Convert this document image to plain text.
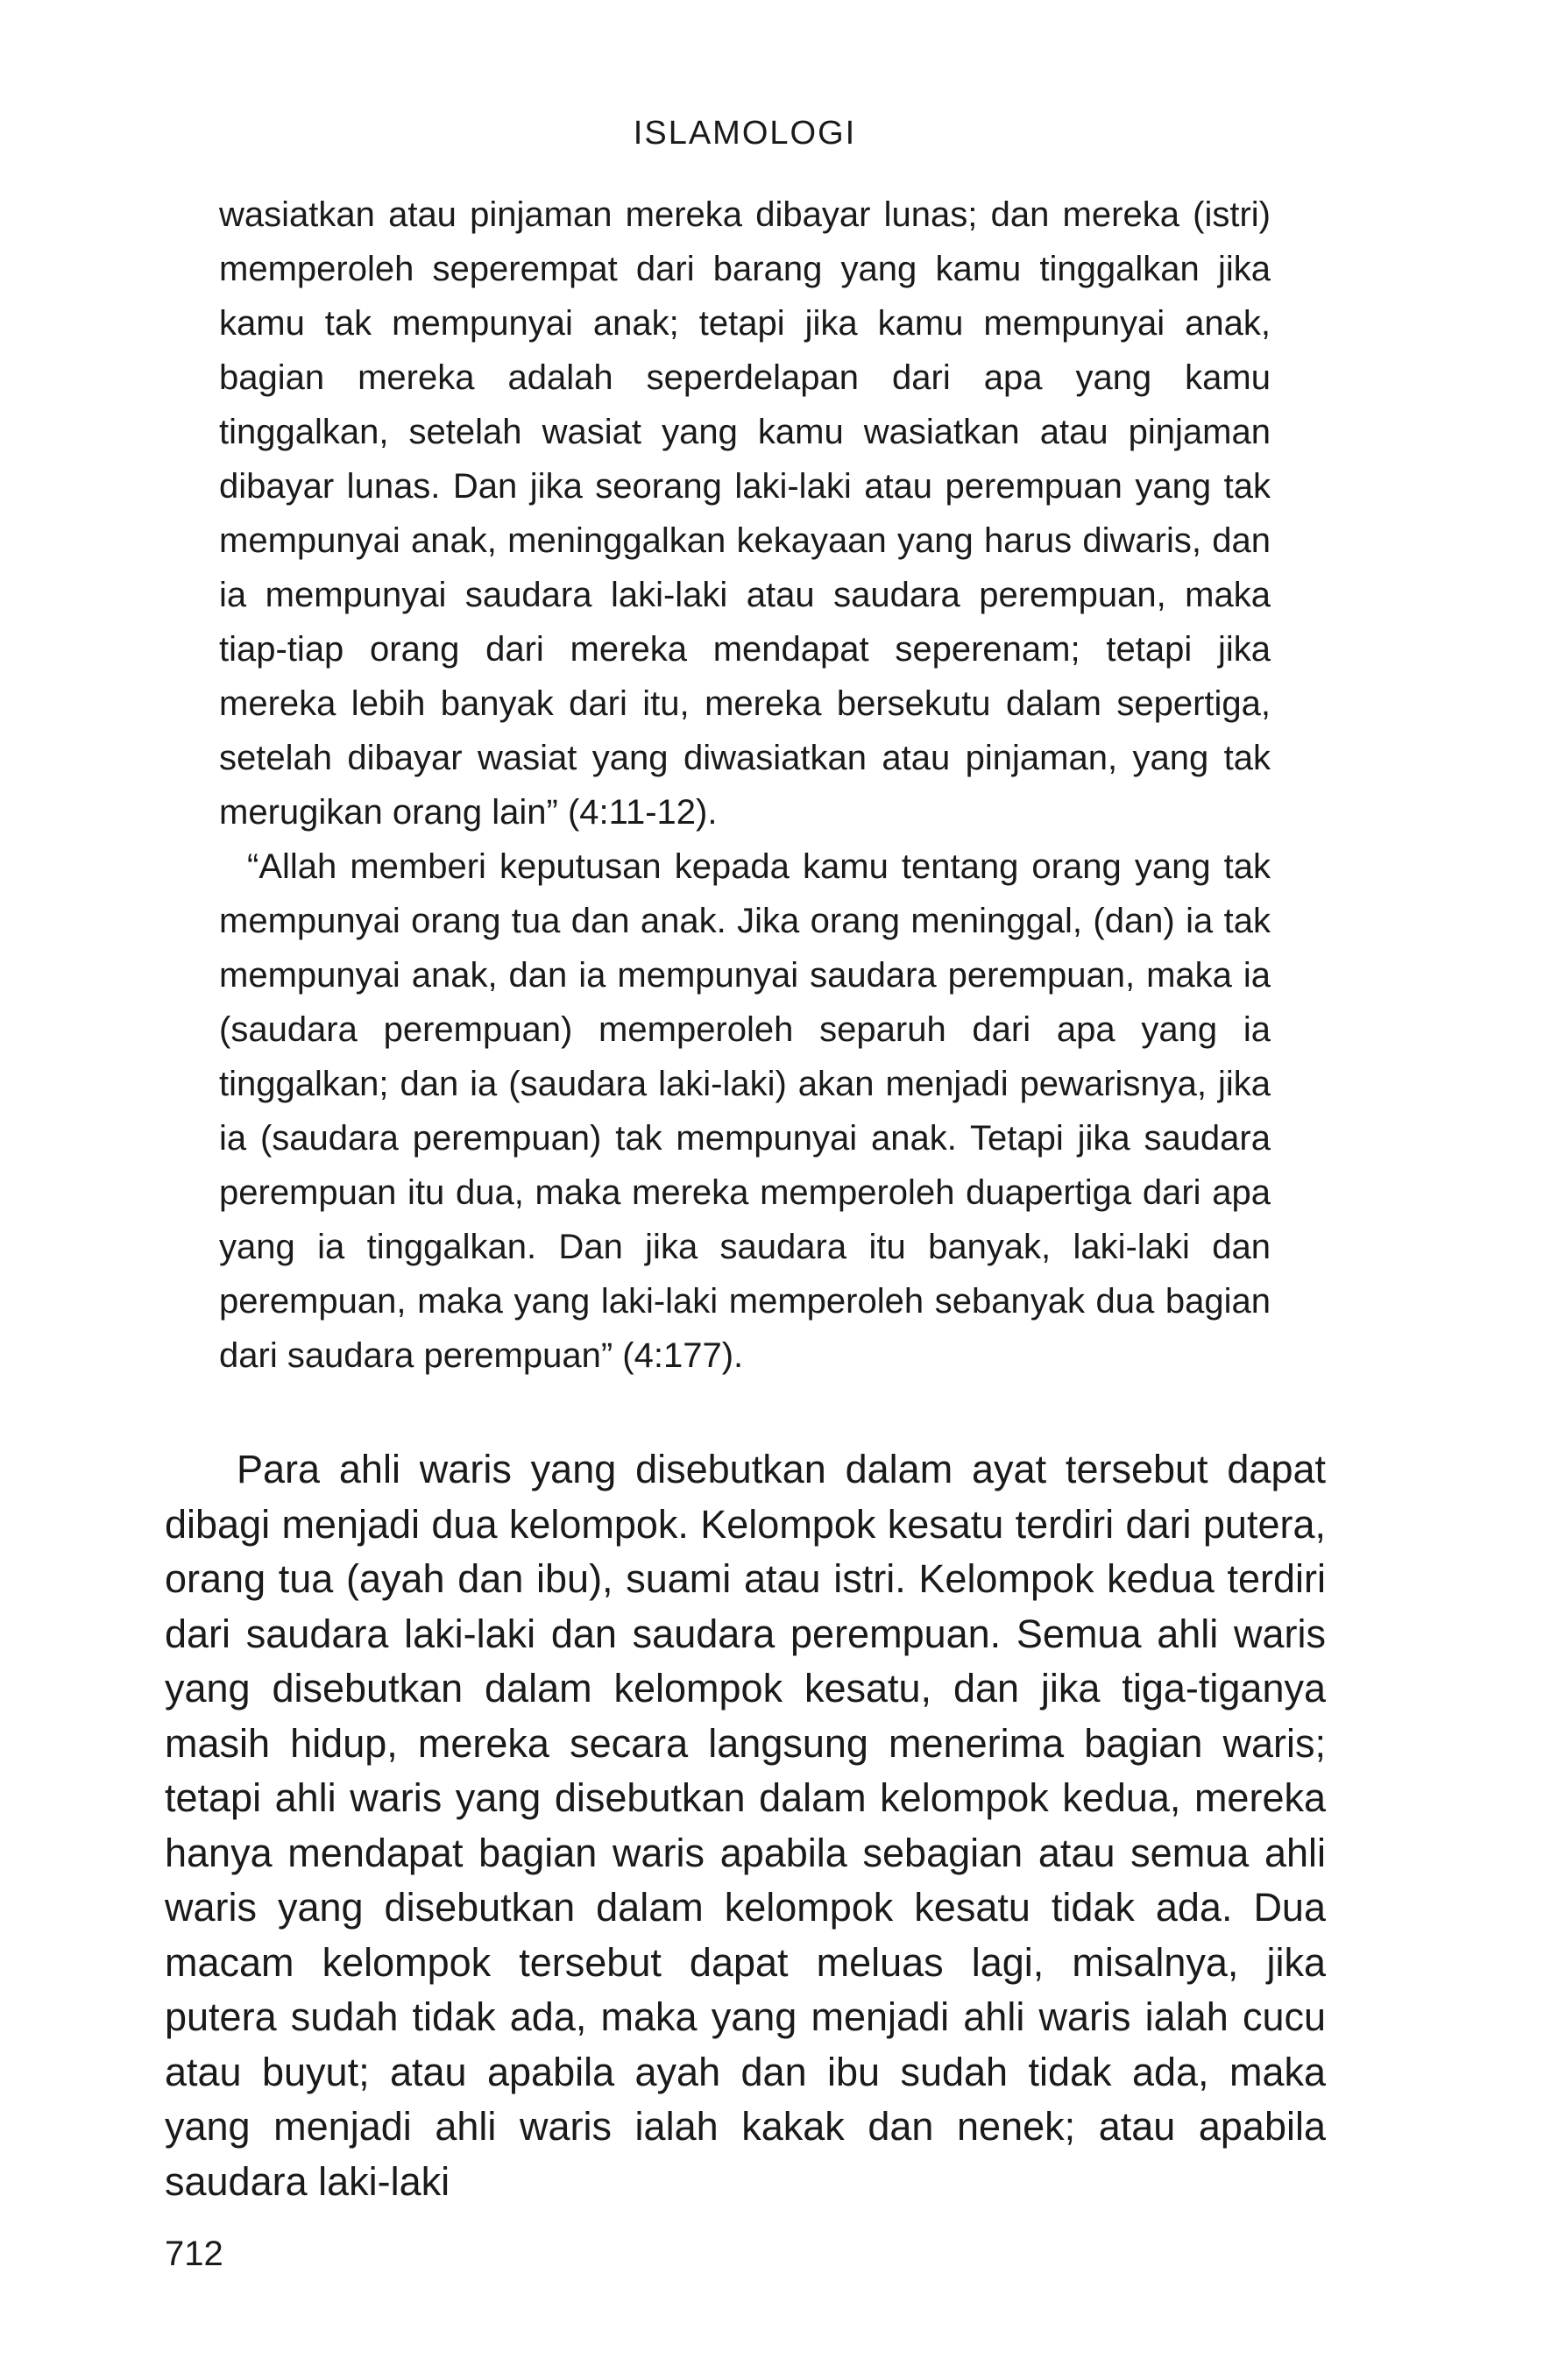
ISLAMOLOGI

wasiatkan atau pinjaman mereka dibayar lunas; dan mereka (istri) memperoleh seperempat dari barang yang kamu tinggalkan jika kamu tak mempunyai anak; tetapi jika kamu mempunyai anak, bagian mereka adalah seperdelapan dari apa yang kamu tinggalkan, setelah wasiat yang kamu wasiatkan atau pinjaman dibayar lunas. Dan jika seorang laki-laki atau perempuan yang tak mempunyai anak, meninggalkan kekayaan yang harus diwaris, dan ia mempunyai saudara laki-laki atau saudara perempuan, maka tiap-tiap orang dari mereka mendapat seperenam; tetapi jika mereka lebih banyak dari itu, mereka bersekutu dalam sepertiga, setelah dibayar wasiat yang diwasiatkan atau pinjaman, yang tak merugikan orang lain” (4:11-12).

“Allah memberi keputusan kepada kamu tentang orang yang tak mempunyai orang tua dan anak. Jika orang meninggal, (dan) ia tak mempunyai anak, dan ia mempunyai saudara perempuan, maka ia (saudara perempuan) memperoleh separuh dari apa yang ia tinggalkan; dan ia (saudara laki-laki) akan menjadi pewarisnya, jika ia (saudara perempuan) tak mempunyai anak. Tetapi jika saudara perempuan itu dua, maka mereka memperoleh duapertiga dari apa yang ia tinggalkan. Dan jika saudara itu banyak, laki-laki dan perempuan, maka yang laki-laki memperoleh sebanyak dua bagian dari saudara perempuan” (4:177).

Para ahli waris yang disebutkan dalam ayat tersebut dapat dibagi menjadi dua kelompok. Kelompok kesatu terdiri dari putera, orang tua (ayah dan ibu), suami atau istri. Kelompok kedua terdiri dari saudara laki-laki dan saudara perempuan. Semua ahli waris yang disebutkan dalam kelompok kesatu, dan jika tiga-tiganya masih hidup, mereka secara langsung menerima bagian waris; tetapi ahli waris yang disebutkan dalam kelompok kedua, mereka hanya mendapat bagian waris apabila sebagian atau semua ahli waris yang disebutkan dalam kelompok kesatu tidak ada. Dua macam kelompok tersebut dapat meluas lagi, misalnya, jika putera sudah tidak ada, maka yang menjadi ahli waris ialah cucu atau buyut; atau apabila ayah dan ibu sudah tidak ada, maka yang menjadi ahli waris ialah kakak dan nenek; atau apabila saudara laki-laki

712
